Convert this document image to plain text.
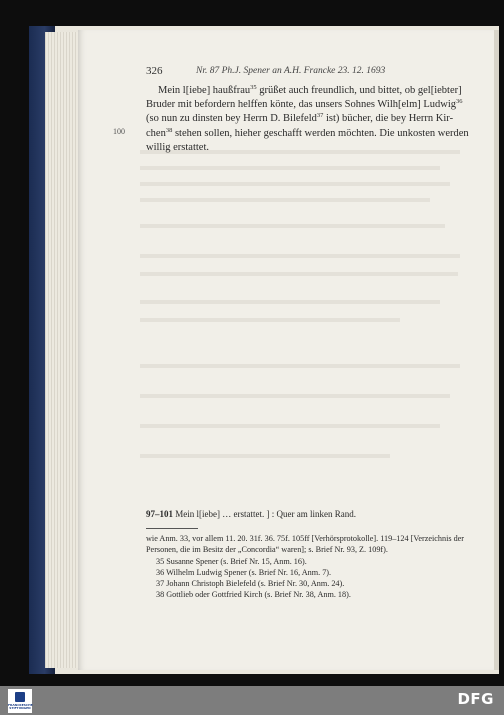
326	Nr. 87 Ph.J. Spener an A.H. Francke 23. 12. 1693
100
Mein l[iebe] haußfrau$^{35}$ grüßet auch freundlich, und bittet, ob gel[iebter]
Bruder mit befordern helffen könte, das unsers Sohnes Wilh[elm] Ludwig$^{36}$
(so nun zu dinsten bey Herrn D. Bilefeld$^{37}$ ist) bücher, die bey Herrn Kir-
chen$^{38}$ stehen sollen, hieher geschafft werden möchten. Die unkosten werden
willig erstattet.
97–101 Mein l[iebe] … erstattet. ] : Quer am linken Rand.
wie Anm. 33, vor allem 11. 20. 31f. 36. 75f. 105ff [Verhörsprotokolle]. 119–124 [Verzeichnis der
Personen, die im Besitz der „Concordia“ waren]; s. Brief Nr. 93, Z. 109f).
35 Susanne Spener (s. Brief Nr. 15, Anm. 16).
36 Wilhelm Ludwig Spener (s. Brief Nr. 16, Anm. 7).
37 Johann Christoph Bielefeld (s. Brief Nr. 30, Anm. 24).
38 Gottlieb oder Gottfried Kirch (s. Brief Nr. 38, Anm. 18).
FRANCKESCHE STIFTUNGEN
DFG
